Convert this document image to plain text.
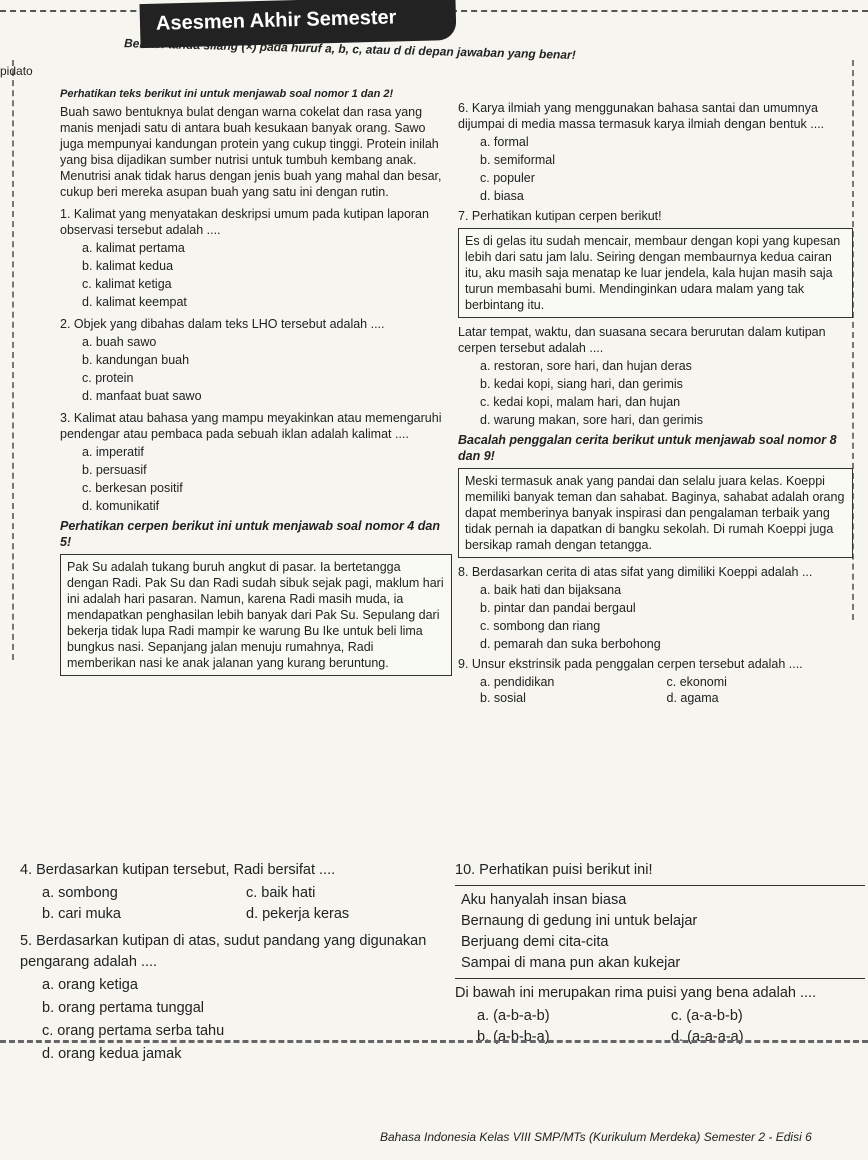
Asesmen Akhir Semester
pidato
Berilah tanda silang (×) pada huruf a, b, c, atau d di depan jawaban yang benar!
Perhatikan teks berikut ini untuk menjawab soal nomor 1 dan 2!
Buah sawo bentuknya bulat dengan warna cokelat dan rasa yang manis menjadi satu di antara buah kesukaan banyak orang. Sawo juga mempunyai kandungan protein yang cukup tinggi. Protein inilah yang bisa dijadikan sumber nutrisi untuk tumbuh kembang anak. Menutrisi anak tidak harus dengan jenis buah yang mahal dan besar, cukup beri mereka asupan buah yang satu ini dengan rutin.
1. Kalimat yang menyatakan deskripsi umum pada kutipan laporan observasi tersebut adalah ....
a. kalimat pertama
b. kalimat kedua
c. kalimat ketiga
d. kalimat keempat
2. Objek yang dibahas dalam teks LHO tersebut adalah ....
a. buah sawo
b. kandungan buah
c. protein
d. manfaat buat sawo
3. Kalimat atau bahasa yang mampu meyakinkan atau memengaruhi pendengar atau pembaca pada sebuah iklan adalah kalimat ....
a. imperatif
b. persuasif
c. berkesan positif
d. komunikatif
Perhatikan cerpen berikut ini untuk menjawab soal nomor 4 dan 5!
Pak Su adalah tukang buruh angkut di pasar. Ia bertetangga dengan Radi. Pak Su dan Radi sudah sibuk sejak pagi, maklum hari ini adalah hari pasaran. Namun, karena Radi masih muda, ia mendapatkan penghasilan lebih banyak dari Pak Su. Sepulang dari bekerja tidak lupa Radi mampir ke warung Bu Ike untuk beli lima bungkus nasi. Sepanjang jalan menuju rumahnya, Radi memberikan nasi ke anak jalanan yang kurang beruntung.
6. Karya ilmiah yang menggunakan bahasa santai dan umumnya dijumpai di media massa termasuk karya ilmiah dengan bentuk ....
a. formal
b. semiformal
c. populer
d. biasa
7. Perhatikan kutipan cerpen berikut!
Es di gelas itu sudah mencair, membaur dengan kopi yang kupesan lebih dari satu jam lalu. Seiring dengan membaurnya kedua cairan itu, aku masih saja menatap ke luar jendela, kala hujan masih saja turun membasahi bumi. Mendinginkan udara malam yang tak berbintang itu.
Latar tempat, waktu, dan suasana secara berurutan dalam kutipan cerpen tersebut adalah ....
a. restoran, sore hari, dan hujan deras
b. kedai kopi, siang hari, dan gerimis
c. kedai kopi, malam hari, dan hujan
d. warung makan, sore hari, dan gerimis
Bacalah penggalan cerita berikut untuk menjawab soal nomor 8 dan 9!
Meski termasuk anak yang pandai dan selalu juara kelas. Koeppi memiliki banyak teman dan sahabat. Baginya, sahabat adalah orang dapat memberinya banyak inspirasi dan pengalaman terbaik yang tidak pernah ia dapatkan di bangku sekolah. Di rumah Koeppi juga bersikap ramah dengan tetangga.
8. Berdasarkan cerita di atas sifat yang dimiliki Koeppi adalah ...
a. baik hati dan bijaksana
b. pintar dan pandai bergaul
c. sombong dan riang
d. pemarah dan suka berbohong
9. Unsur ekstrinsik pada penggalan cerpen tersebut adalah ....
a. pendidikan	c. ekonomi
b. sosial	d. agama
4. Berdasarkan kutipan tersebut, Radi bersifat ....
a. sombong	c. baik hati
b. cari muka	d. pekerja keras
5. Berdasarkan kutipan di atas, sudut pandang yang digunakan pengarang adalah ....
a. orang ketiga
b. orang pertama tunggal
c. orang pertama serba tahu
d. orang kedua jamak
10. Perhatikan puisi berikut ini!
Aku hanyalah insan biasa
Bernaung di gedung ini untuk belajar
Berjuang demi cita-cita
Sampai di mana pun akan kukejar
Di bawah ini merupakan rima puisi yang bena adalah ....
a. (a-b-a-b)	c. (a-a-b-b)
b. (a-b-b-a)	d. (a-a-a-a)
Bahasa Indonesia Kelas VIII SMP/MTs (Kurikulum Merdeka) Semester 2 - Edisi 6
